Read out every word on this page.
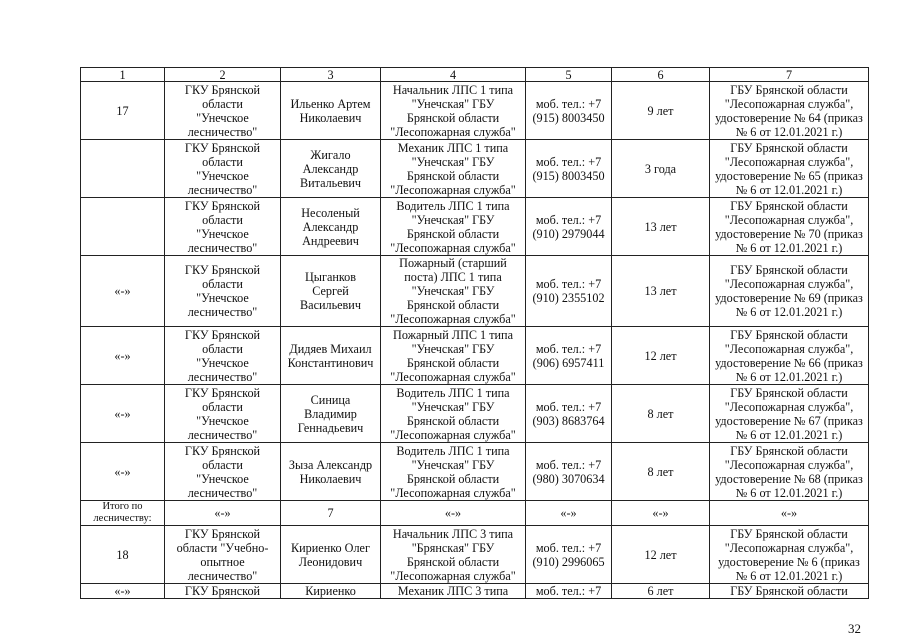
1	2	3	4	5	6	7
17	ГКУ Брянской
области
"Унечское
лесничество"	Ильенко Артем
Николаевич	Начальник ЛПС 1 типа
"Унечская" ГБУ
Брянской области
"Лесопожарная служба"	моб. тел.: +7
(915) 8003450	9 лет	ГБУ Брянской области
"Лесопожарная служба",
удостоверение № 64 (приказ
№ 6 от 12.01.2021 г.)
	ГКУ Брянской
области
"Унечское
лесничество"	Жигало
Александр
Витальевич	Механик ЛПС 1 типа
"Унечская" ГБУ
Брянской области
"Лесопожарная служба"	моб. тел.: +7
(915) 8003450	3 года	ГБУ Брянской области
"Лесопожарная служба",
удостоверение № 65 (приказ
№ 6 от 12.01.2021 г.)
	ГКУ Брянской
области
"Унечское
лесничество"	Несоленый
Александр
Андреевич	Водитель ЛПС 1 типа
"Унечская" ГБУ
Брянской области
"Лесопожарная служба"	моб. тел.: +7
(910) 2979044	13 лет	ГБУ Брянской области
"Лесопожарная служба",
удостоверение № 70 (приказ
№ 6 от 12.01.2021 г.)
«-»	ГКУ Брянской
области
"Унечское
лесничество"	Цыганков
Сергей
Васильевич	Пожарный (старший
поста) ЛПС 1 типа
"Унечская" ГБУ
Брянской области
"Лесопожарная служба"	моб. тел.: +7
(910) 2355102	13 лет	ГБУ Брянской области
"Лесопожарная служба",
удостоверение № 69 (приказ
№ 6 от 12.01.2021 г.)
«-»	ГКУ Брянской
области
"Унечское
лесничество"	Дидяев Михаил
Константинович	Пожарный ЛПС 1 типа
"Унечская" ГБУ
Брянской области
"Лесопожарная служба"	моб. тел.: +7
(906) 6957411	12 лет	ГБУ Брянской области
"Лесопожарная служба",
удостоверение № 66 (приказ
№ 6 от 12.01.2021 г.)
«-»	ГКУ Брянской
области
"Унечское
лесничество"	Синица
Владимир
Геннадьевич	Водитель ЛПС 1 типа
"Унечская" ГБУ
Брянской области
"Лесопожарная служба"	моб. тел.: +7
(903) 8683764	8 лет	ГБУ Брянской области
"Лесопожарная служба",
удостоверение № 67 (приказ
№ 6 от 12.01.2021 г.)
«-»	ГКУ Брянской
области
"Унечское
лесничество"	Зыза Александр
Николаевич	Водитель ЛПС 1 типа
"Унечская" ГБУ
Брянской области
"Лесопожарная служба"	моб. тел.: +7
(980) 3070634	8 лет	ГБУ Брянской области
"Лесопожарная служба",
удостоверение № 68 (приказ
№ 6 от 12.01.2021 г.)
Итого по
лесничеству:	«-»	7	«-»	«-»	«-»	«-»
18	ГКУ Брянской
области "Учебно-
опытное
лесничество"	Кириенко Олег
Леонидович	Начальник ЛПС 3 типа
"Брянская" ГБУ
Брянской области
"Лесопожарная служба"	моб. тел.: +7
(910) 2996065	12 лет	ГБУ Брянской области
"Лесопожарная служба",
удостоверение № 6 (приказ
№ 6 от 12.01.2021 г.)
«-»	ГКУ Брянской	Кириенко	Механик ЛПС 3 типа	моб. тел.: +7	6 лет	ГБУ Брянской области
32
